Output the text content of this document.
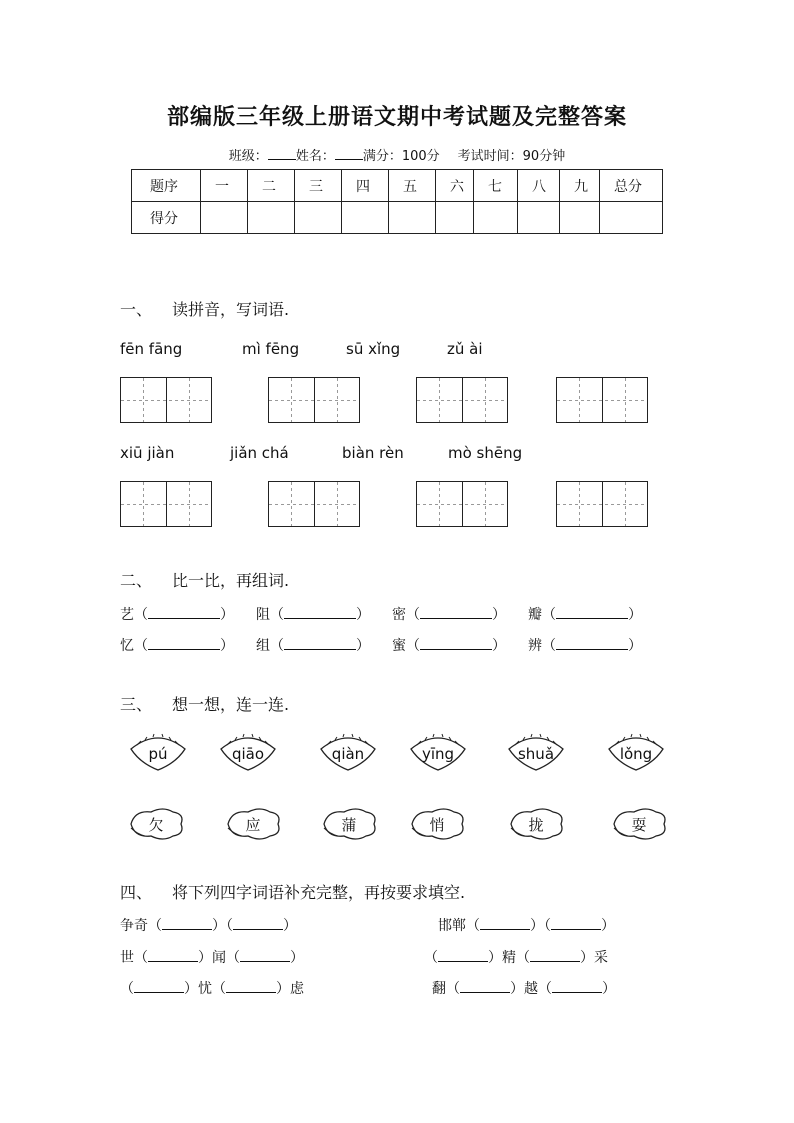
部编版三年级上册语文期中考试题及完整答案
班级： 姓名： 满分：100分 考试时间：90分钟
题序	一	二	三	四	五	六	七	八	九	总分
得分										
一、 读拼音，写词语.
fēn fāng	mì fēng	sū xǐng	zǔ ài
xiū jiàn	jiǎn chá	biàn rèn	mò shēng
二、 比一比，再组词.
艺（	） 阻（	） 密（	） 瓣（	）
忆（	） 组（	） 蜜（	） 辨（	）
三、 想一想，连一连.
pú	qiāo	qiàn	yīng	shuǎ	lǒng
欠	应	蒲	悄	拢	耍
四、 将下列四字词语补充完整，再按要求填空.
争奇（	）（	）	邯郸（	）（	）
世（	）闻（	）	（	）精（	）采
（	）忧（	）虑	翻（	）越（	）
